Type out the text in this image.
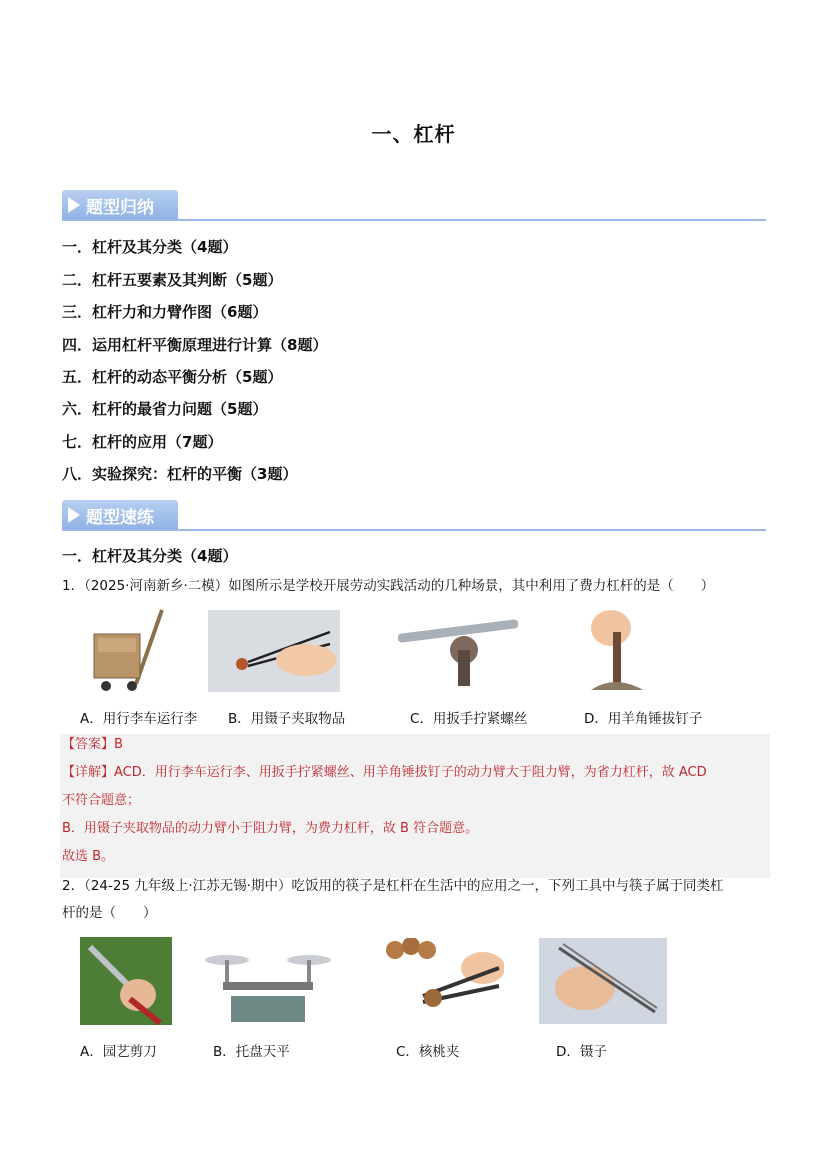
一、杠杆
题型归纳
一．杠杆及其分类（4题）
二．杠杆五要素及其判断（5题）
三．杠杆力和力臂作图（6题）
四．运用杠杆平衡原理进行计算（8题）
五．杠杆的动态平衡分析（5题）
六．杠杆的最省力问题（5题）
七．杠杆的应用（7题）
八．实验探究：杠杆的平衡（3题）
题型速练
一．杠杆及其分类（4题）
1．（2025·河南新乡·二模）如图所示是学校开展劳动实践活动的几种场景，其中利用了费力杠杆的是（　　）
A．用行李车运行李 B．用镊子夹取物品	C．用扳手拧紧螺丝	D．用羊角锤拔钉子
【答案】B
【详解】ACD．用行李车运行李、用扳手拧紧螺丝、用羊角锤拔钉子的动力臂大于阻力臂，为省力杠杆，故 ACD
不符合题意；
B．用镊子夹取物品的动力臂小于阻力臂，为费力杠杆，故 B 符合题意。
故选 B。
2．（24-25 九年级上·江苏无锡·期中）吃饭用的筷子是杠杆在生活中的应用之一，下列工具中与筷子属于同类杠
杆的是（　　）
A．园艺剪刀	B．托盘天平	C．核桃夹	D．镊子
